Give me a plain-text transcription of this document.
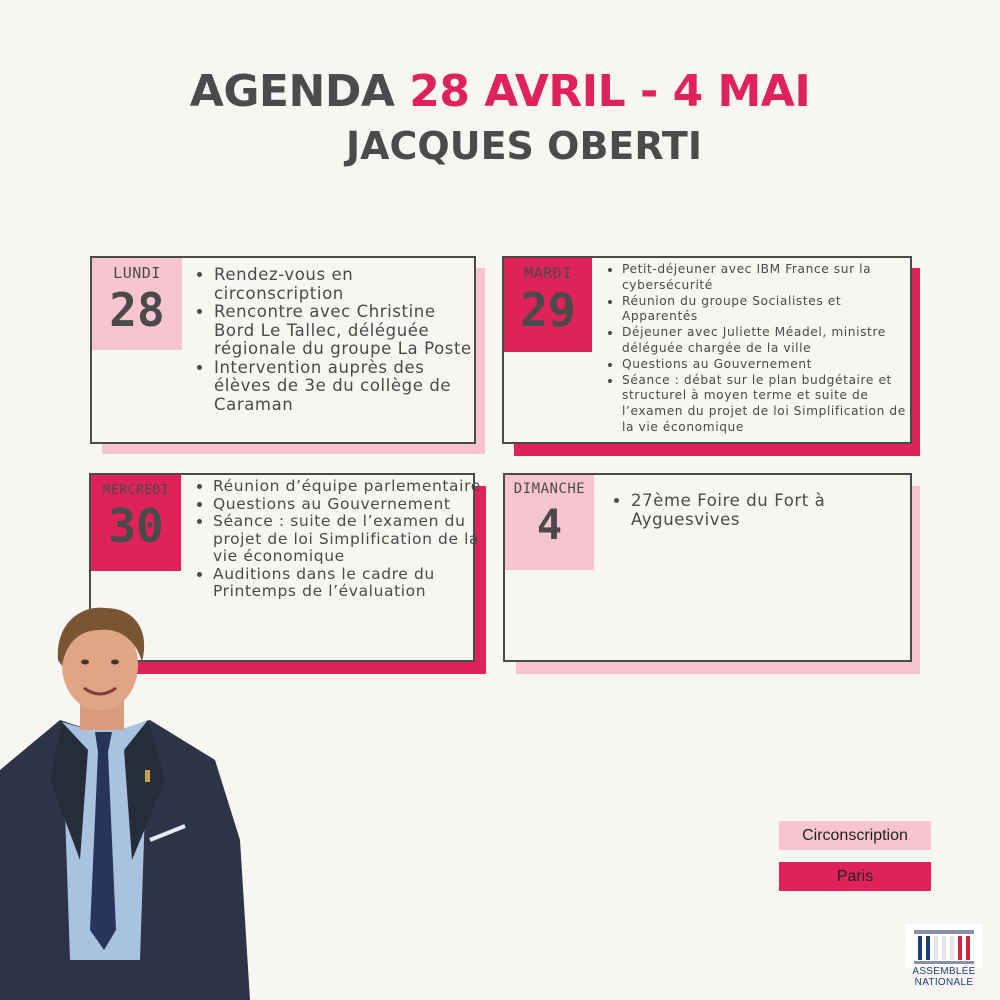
AGENDA 28 AVRIL - 4 MAI
JACQUES OBERTI
LUNDI
28
• Rendez-vous en circonscription
• Rencontre avec Christine Bord Le Tallec, déléguée régionale du groupe La Poste
• Intervention auprès des élèves de 3e du collège de Caraman
MARDI
29
• Petit-déjeuner avec IBM France sur la cybersécurité
• Réunion du groupe Socialistes et Apparentés
• Déjeuner avec Juliette Méadel, ministre déléguée chargée de la ville
• Questions au Gouvernement
• Séance : débat sur le plan budgétaire et structurel à moyen terme et suite de l’examen du projet de loi Simplification de la vie économique
MERCREDI
30
• Réunion d’équipe parlementaire
• Questions au Gouvernement
• Séance : suite de l’examen du projet de loi Simplification de la vie économique
• Auditions dans le cadre du Printemps de l’évaluation
DIMANCHE
4
•	27ème Foire du Fort à Ayguesvives
Circonscription
Paris
ASSEMBLÉE
NATIONALE
